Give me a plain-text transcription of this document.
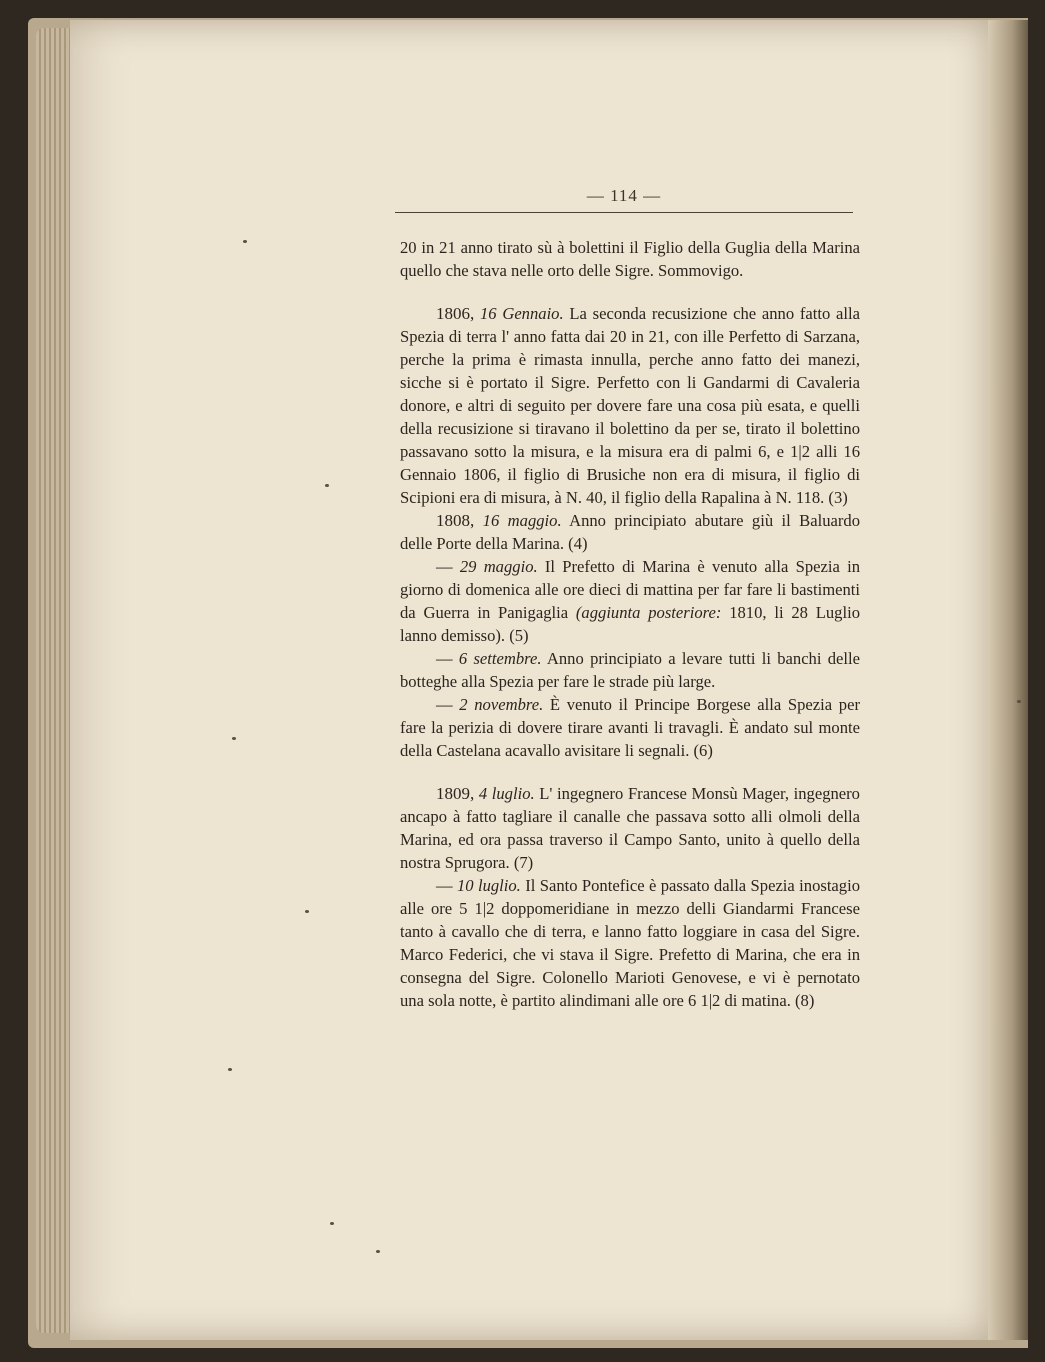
— 114 —

20 in 21 anno tirato sù à bolettini il Figlio della Guglia della Marina quello che stava nelle orto delle Sigre. Sommovigo.

1806, 16 Gennaio. La seconda recusizione che anno fatto alla Spezia di terra l' anno fatta dai 20 in 21, con ille Perfetto di Sarzana, perche la prima è rimasta innulla, perche anno fatto dei manezi, sicche si è portato il Sigre. Perfetto con li Gandarmi di Cavaleria donore, e altri di seguito per dovere fare una cosa più esata, e quelli della recusizione si tiravano il bolettino da per se, tirato il bolettino passavano sotto la misura, e la misura era di palmi 6, e 1|2 alli 16 Gennaio 1806, il figlio di Brusiche non era di misura, il figlio di Scipioni era di misura, à N. 40, il figlio della Rapalina à N. 118. (3)

1808, 16 maggio. Anno principiato abutare giù il Baluardo delle Porte della Marina. (4)

— 29 maggio. Il Prefetto di Marina è venuto alla Spezia in giorno di domenica alle ore dieci di mattina per far fare li bastimenti da Guerra in Panigaglia (aggiunta posteriore: 1810, li 28 Luglio lanno demisso). (5)

— 6 settembre. Anno principiato a levare tutti li banchi delle botteghe alla Spezia per fare le strade più large.

— 2 novembre. È venuto il Principe Borgese alla Spezia per fare la perizia di dovere tirare avanti li travagli. È andato sul monte della Castelana acavallo avisitare li segnali. (6)

1809, 4 luglio. L' ingegnero Francese Monsù Mager, ingegnero ancapo à fatto tagliare il canalle che passava sotto alli olmoli della Marina, ed ora passa traverso il Campo Santo, unito à quello della nostra Sprugora. (7)

— 10 luglio. Il Santo Pontefice è passato dalla Spezia inostagio alle ore 5 1|2 doppomeridiane in mezzo delli Giandarmi Francese tanto à cavallo che di terra, e lanno fatto loggiare in casa del Sigre. Marco Federici, che vi stava il Sigre. Prefetto di Marina, che era in consegna del Sigre. Colonello Marioti Genovese, e vi è pernotato una sola notte, è partito alindimani alle ore 6 1|2 di matina. (8)
